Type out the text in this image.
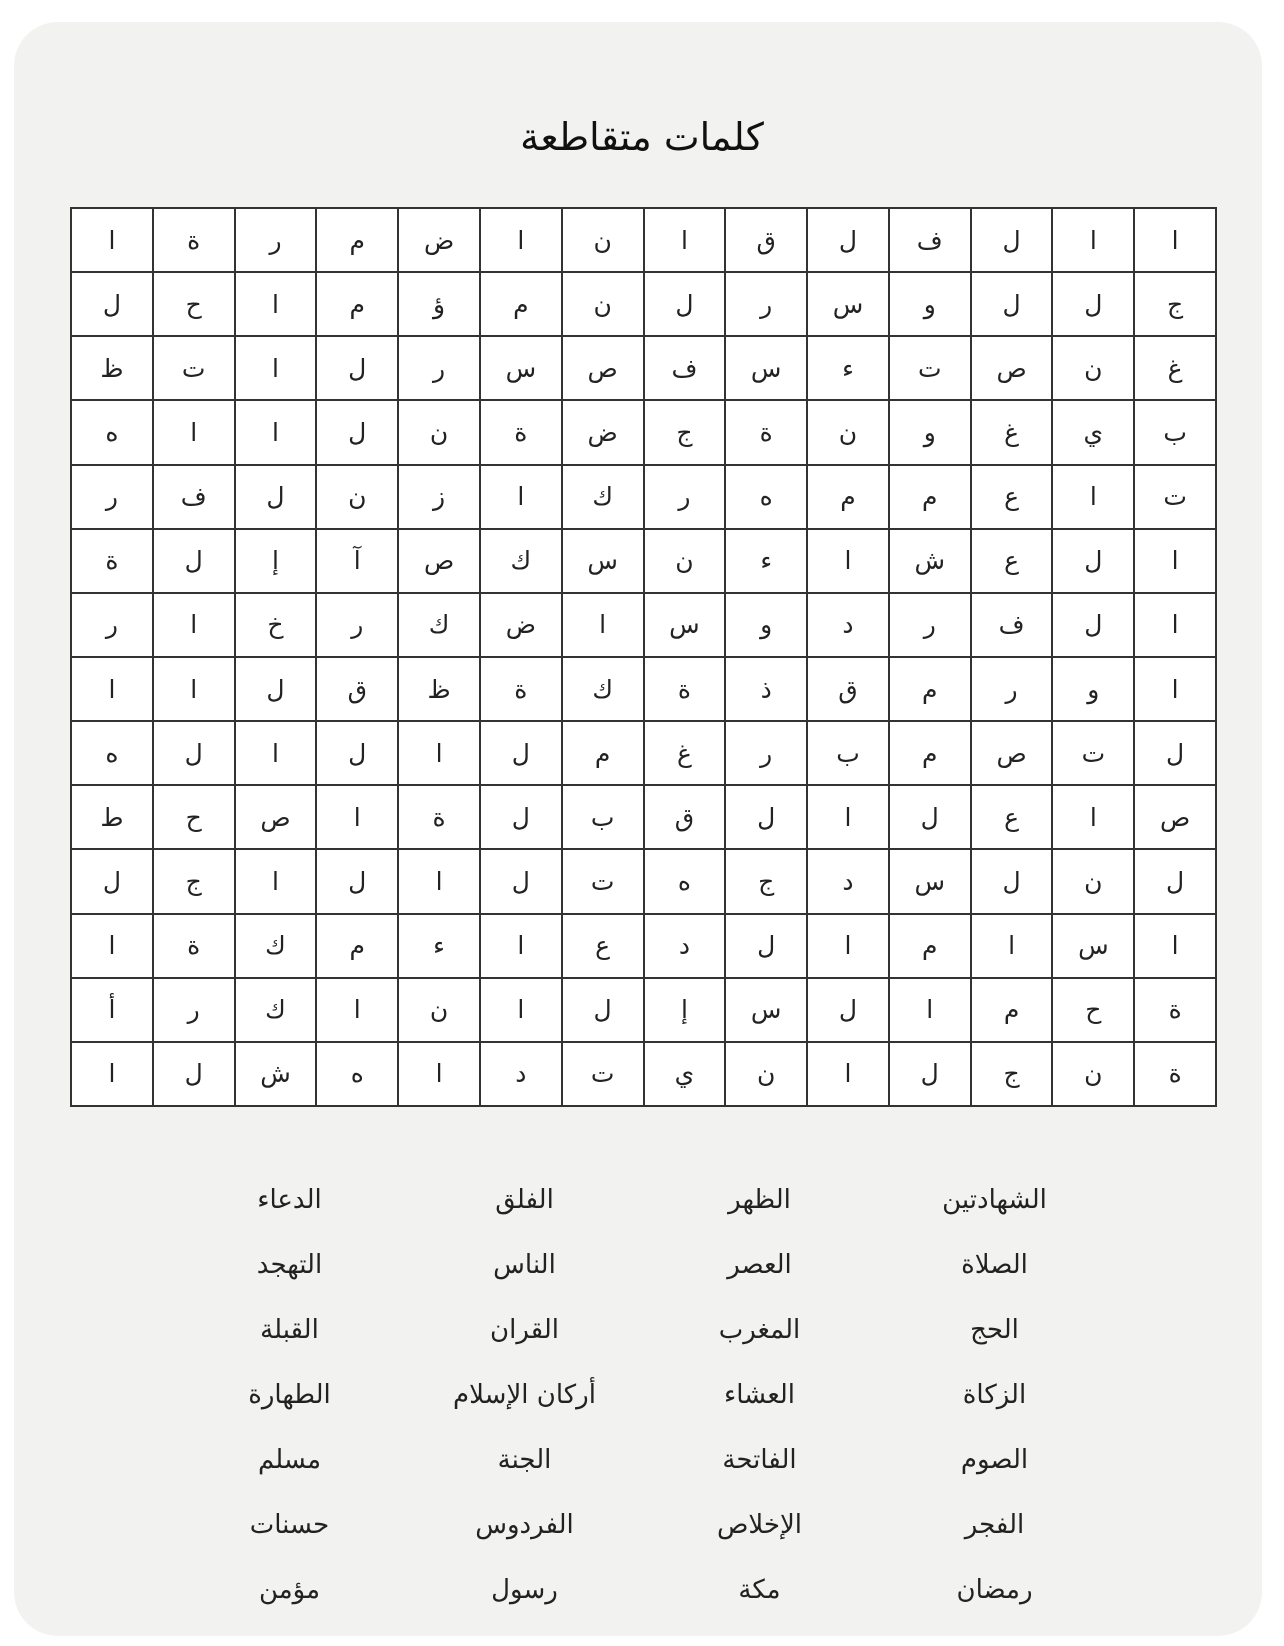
كلمات متقاطعة
ا
ا
ل
ف
ل
ق
ا
ن
ا
ض
م
ر
ة
ا
ج
ل
ل
و
س
ر
ل
ن
م
ؤ
م
ا
ح
ل
غ
ن
ص
ت
ء
س
ف
ص
س
ر
ل
ا
ت
ظ
ب
ي
غ
و
ن
ة
ج
ض
ة
ن
ل
ا
ا
ه
ت
ا
ع
م
م
ه
ر
ك
ا
ز
ن
ل
ف
ر
ا
ل
ع
ش
ا
ء
ن
س
ك
ص
آ
إ
ل
ة
ا
ل
ف
ر
د
و
س
ا
ض
ك
ر
خ
ا
ر
ا
و
ر
م
ق
ذ
ة
ك
ة
ظ
ق
ل
ا
ا
ل
ت
ص
م
ب
ر
غ
م
ل
ا
ل
ا
ل
ه
ص
ا
ع
ل
ا
ل
ق
ب
ل
ة
ا
ص
ح
ط
ل
ن
ل
س
د
ج
ه
ت
ل
ا
ل
ا
ج
ل
ا
س
ا
م
ا
ل
د
ع
ا
ء
م
ك
ة
ا
ة
ح
م
ا
ل
س
إ
ل
ا
ن
ا
ك
ر
أ
ة
ن
ج
ل
ا
ن
ي
ت
د
ا
ه
ش
ل
ا
الشهادتين
الظهر
الفلق
الدعاء
الصلاة
العصر
الناس
التهجد
الحج
المغرب
القران
القبلة
الزكاة
العشاء
أركان الإسلام
الطهارة
الصوم
الفاتحة
الجنة
مسلم
الفجر
الإخلاص
الفردوس
حسنات
رمضان
مكة
رسول
مؤمن
